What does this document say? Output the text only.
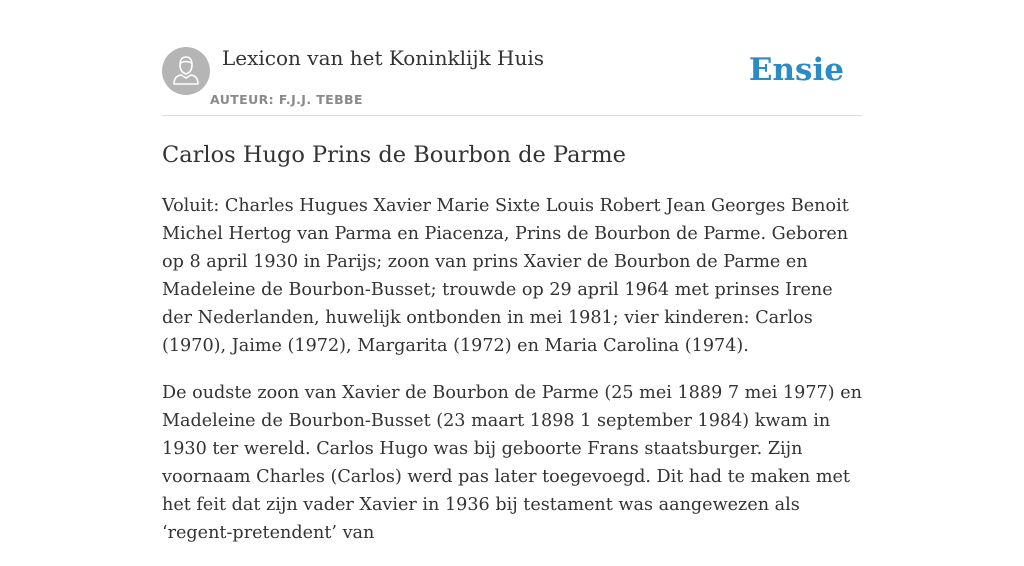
Lexicon van het Koninklijk Huis
AUTEUR: F.J.J. TEBBE
Ensie
Carlos Hugo Prins de Bourbon de Parme

Voluit: Charles Hugues Xavier Marie Sixte Louis Robert Jean Georges Benoit Michel Hertog van Parma en Piacenza, Prins de Bourbon de Parme. Geboren op 8 april 1930 in Parijs; zoon van prins Xavier de Bourbon de Parme en Madeleine de Bourbon-Busset; trouwde op 29 april 1964 met prinses Irene der Nederlanden, huwelijk ontbonden in mei 1981; vier kinderen: Carlos (1970), Jaime (1972), Margarita (1972) en Maria Carolina (1974).

De oudste zoon van Xavier de Bourbon de Parme (25 mei 1889 7 mei 1977) en Madeleine de Bourbon-Busset (23 maart 1898 1 september 1984) kwam in 1930 ter wereld. Carlos Hugo was bij geboorte Frans staatsburger. Zijn voornaam Charles (Carlos) werd pas later toegevoegd. Dit had te maken met het feit dat zijn vader Xavier in 1936 bij testament was aangewezen als ‘regent-pretendent’ van
